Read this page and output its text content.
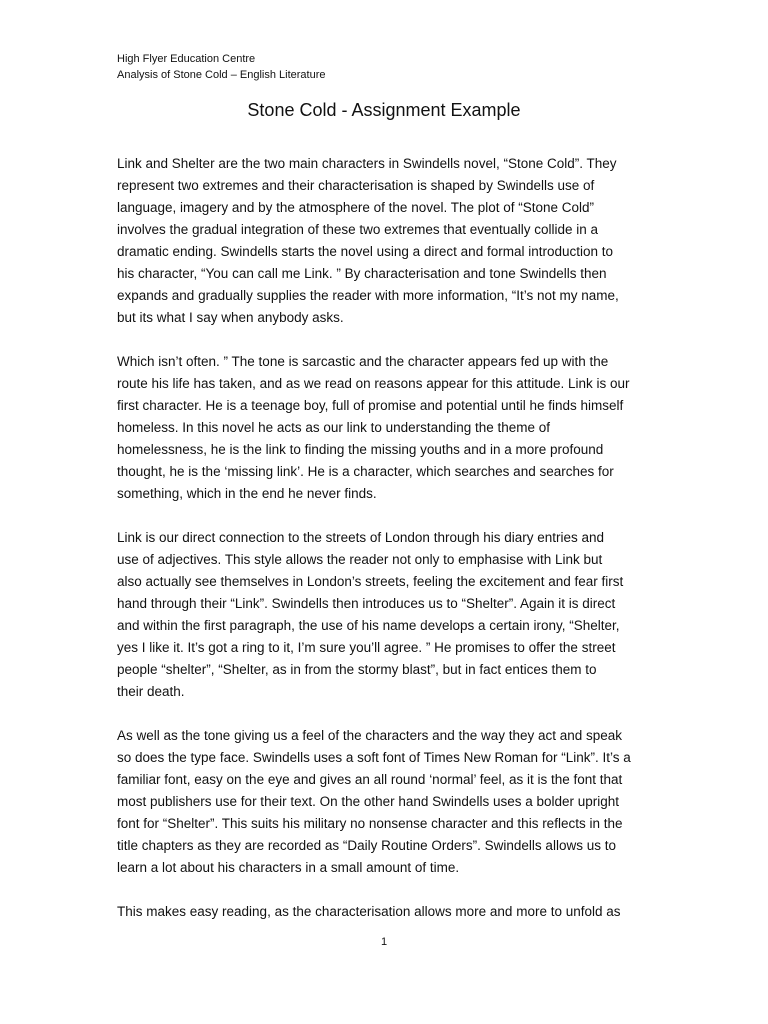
High Flyer Education Centre
Analysis of Stone Cold – English Literature
Stone Cold - Assignment Example
Link and Shelter are the two main characters in Swindells novel, “Stone Cold”. They
represent two extremes and their characterisation is shaped by Swindells use of
language, imagery and by the atmosphere of the novel. The plot of “Stone Cold”
involves the gradual integration of these two extremes that eventually collide in a
dramatic ending. Swindells starts the novel using a direct and formal introduction to
his character, “You can call me Link. ” By characterisation and tone Swindells then
expands and gradually supplies the reader with more information, “It’s not my name,
but its what I say when anybody asks.
Which isn’t often. ” The tone is sarcastic and the character appears fed up with the
route his life has taken, and as we read on reasons appear for this attitude. Link is our
first character. He is a teenage boy, full of promise and potential until he finds himself
homeless. In this novel he acts as our link to understanding the theme of
homelessness, he is the link to finding the missing youths and in a more profound
thought, he is the ‘missing link’. He is a character, which searches and searches for
something, which in the end he never finds.
Link is our direct connection to the streets of London through his diary entries and
use of adjectives. This style allows the reader not only to emphasise with Link but
also actually see themselves in London’s streets, feeling the excitement and fear first
hand through their “Link”. Swindells then introduces us to “Shelter”. Again it is direct
and within the first paragraph, the use of his name develops a certain irony, “Shelter,
yes I like it. It’s got a ring to it, I’m sure you’ll agree. ” He promises to offer the street
people “shelter”, “Shelter, as in from the stormy blast”, but in fact entices them to
their death.
As well as the tone giving us a feel of the characters and the way they act and speak
so does the type face. Swindells uses a soft font of Times New Roman for “Link”. It’s a
familiar font, easy on the eye and gives an all round ‘normal’ feel, as it is the font that
most publishers use for their text. On the other hand Swindells uses a bolder upright
font for “Shelter”. This suits his military no nonsense character and this reflects in the
title chapters as they are recorded as “Daily Routine Orders”. Swindells allows us to
learn a lot about his characters in a small amount of time.
This makes easy reading, as the characterisation allows more and more to unfold as
1
